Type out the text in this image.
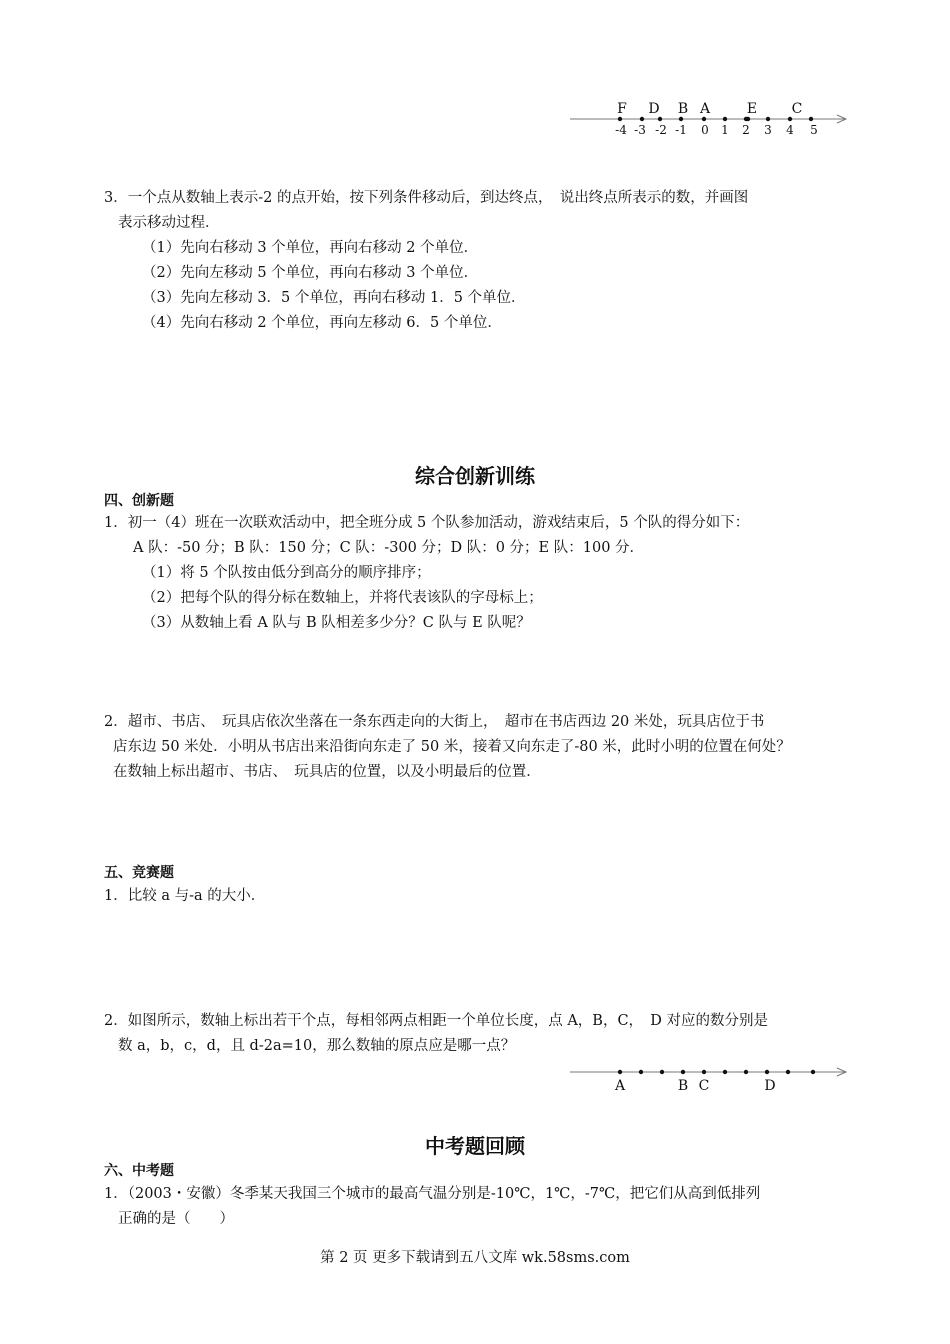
F D B A	E C
-4 -3 -2 -1 0 1 2 3 4 5
3．一个点从数轴上表示-2 的点开始，按下列条件移动后，到达终点，　说出终点所表示的数，并画图
表示移动过程．
（1）先向右移动 3 个单位，再向右移动 2 个单位．
（2）先向左移动 5 个单位，再向右移动 3 个单位．
（3）先向左移动 3．5 个单位，再向右移动 1．5 个单位．
（4）先向右移动 2 个单位，再向左移动 6．5 个单位．
综合创新训练
四、创新题
1．初一（4）班在一次联欢活动中，把全班分成 5 个队参加活动，游戏结束后，5 个队的得分如下：
A 队：-50 分；B 队：150 分；C 队：-300 分；D 队：0 分；E 队：100 分．
（1）将 5 个队按由低分到高分的顺序排序；
（2）把每个队的得分标在数轴上，并将代表该队的字母标上；
（3）从数轴上看 A 队与 B 队相差多少分？C 队与 E 队呢？
2．超市、书店、　玩具店依次坐落在一条东西走向的大街上，　超市在书店西边 20 米处，玩具店位于书
店东边 50 米处．小明从书店出来沿街向东走了 50 米，接着又向东走了-80 米，此时小明的位置在何处？
在数轴上标出超市、书店、　玩具店的位置，以及小明最后的位置．
五、竞赛题
1．比较 a 与-a 的大小．
2．如图所示，数轴上标出若干个点，每相邻两点相距一个单位长度，点 A，B，C，　D 对应的数分别是
数 a，b，c，d，且 d-2a=10，那么数轴的原点应是哪一点？
A	B C	D
中考题回顾
六、中考题
1．（2003・安徽）冬季某天我国三个城市的最高气温分别是-10℃，1℃，-7℃，把它们从高到低排列
正确的是（　　）
第 2 页 更多下载请到五八文库 wk.58sms.com
